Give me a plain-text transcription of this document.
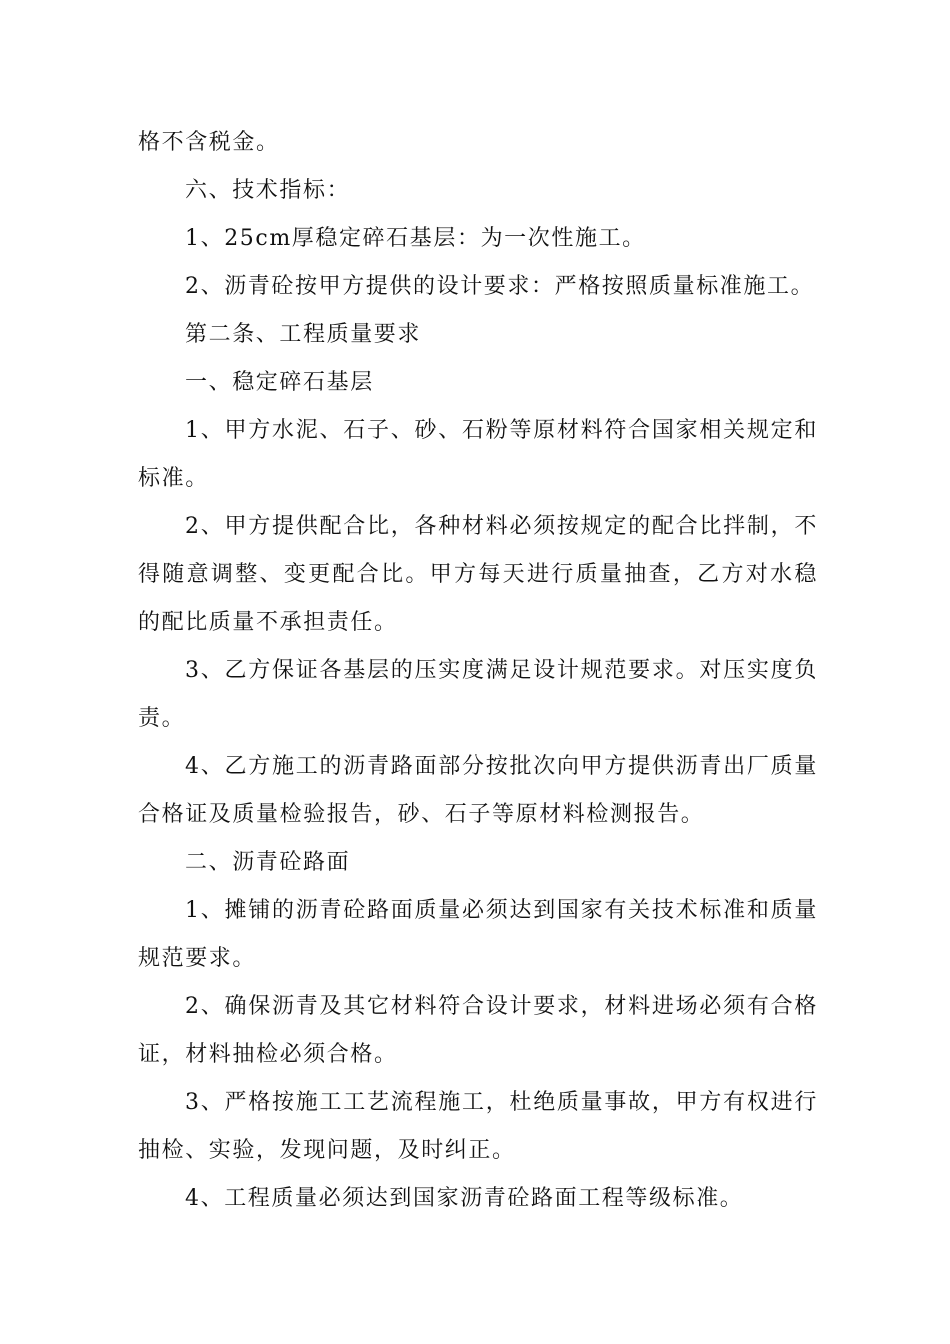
格不含税金。

六、技术指标：

1、25cm厚稳定碎石基层：为一次性施工。

2、沥青砼按甲方提供的设计要求：严格按照质量标准施工。

第二条、工程质量要求

一、稳定碎石基层

1、甲方水泥、石子、砂、石粉等原材料符合国家相关规定和标准。

2、甲方提供配合比，各种材料必须按规定的配合比拌制，不得随意调整、变更配合比。甲方每天进行质量抽查，乙方对水稳的配比质量不承担责任。

3、乙方保证各基层的压实度满足设计规范要求。对压实度负责。

4、乙方施工的沥青路面部分按批次向甲方提供沥青出厂质量合格证及质量检验报告，砂、石子等原材料检测报告。

二、沥青砼路面

1、摊铺的沥青砼路面质量必须达到国家有关技术标准和质量规范要求。

2、确保沥青及其它材料符合设计要求，材料进场必须有合格证，材料抽检必须合格。

3、严格按施工工艺流程施工，杜绝质量事故，甲方有权进行抽检、实验，发现问题，及时纠正。

4、工程质量必须达到国家沥青砼路面工程等级标准。
